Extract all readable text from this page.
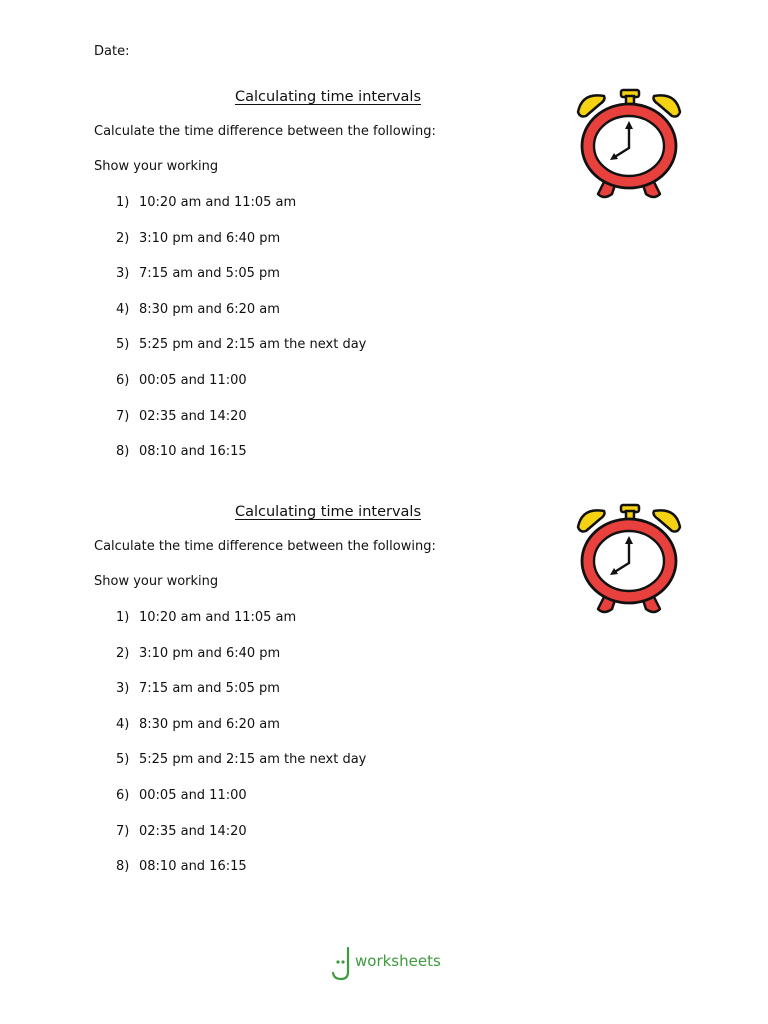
Date:
Calculating time intervals
Calculate the time difference between the following:
Show your working
1) 10:20 am and 11:05 am
2) 3:10 pm and 6:40 pm
3) 7:15 am and 5:05 pm
4) 8:30 pm and 6:20 am
5) 5:25 pm and 2:15 am the next day
6) 00:05 and 11:00
7) 02:35 and 14:20
8) 08:10 and 16:15
Calculating time intervals
Calculate the time difference between the following:
Show your working
1) 10:20 am and 11:05 am
2) 3:10 pm and 6:40 pm
3) 7:15 am and 5:05 pm
4) 8:30 pm and 6:20 am
5) 5:25 pm and 2:15 am the next day
6) 00:05 and 11:00
7) 02:35 and 14:20
8) 08:10 and 16:15
worksheets
